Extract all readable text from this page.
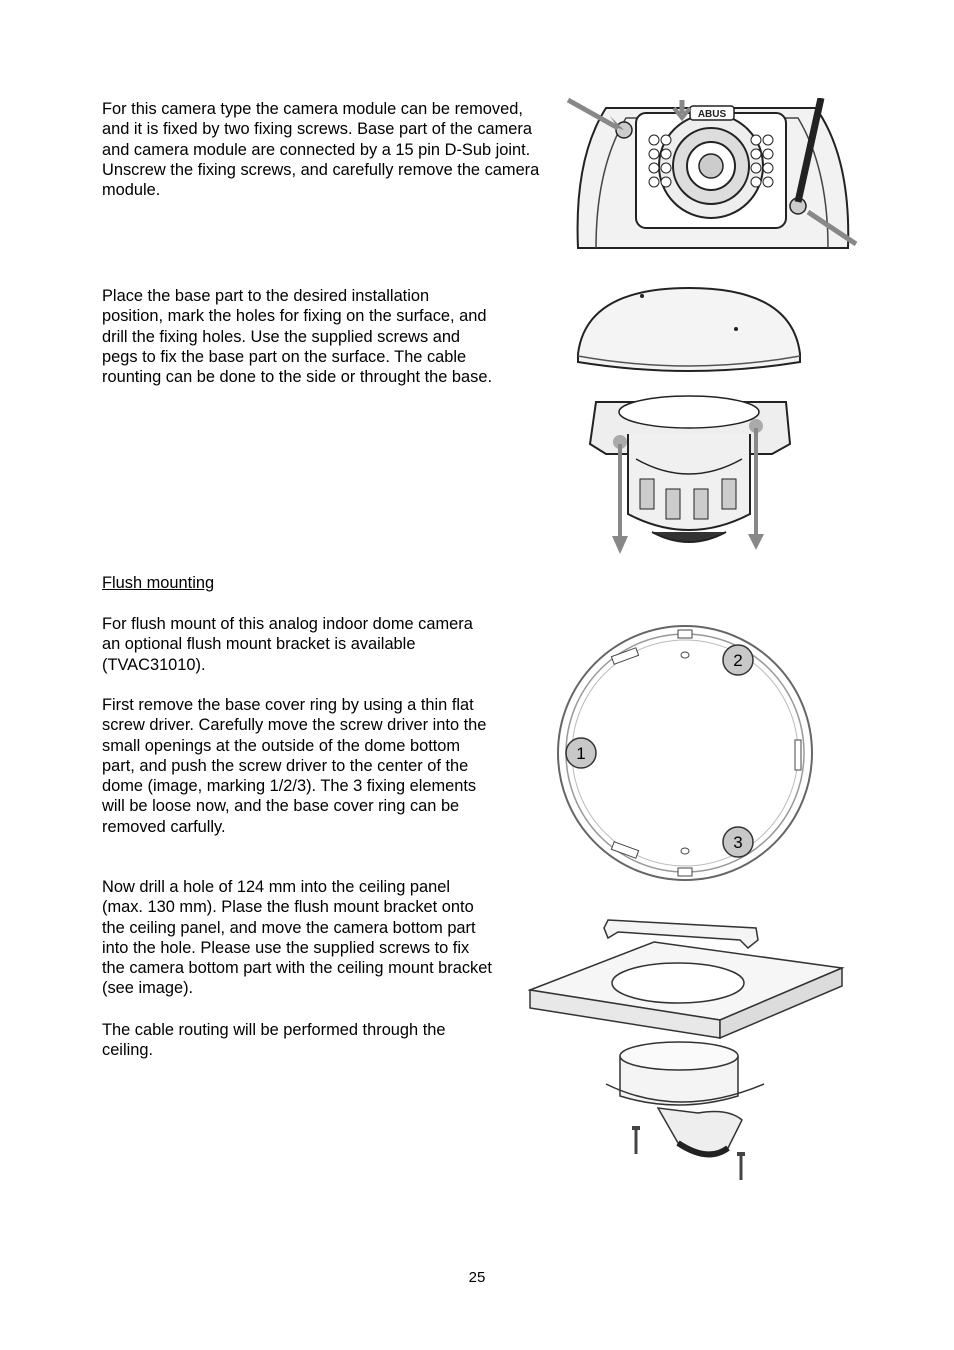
For this camera type the camera module can be removed, and it is fixed by two fixing screws. Base part of the camera and camera module are connected by a 15 pin D-Sub joint. Unscrew the fixing screws, and carefully remove the camera module.

ABUS

Place the base part to the desired installation position, mark the holes for fixing on the surface, and drill the fixing holes. Use the supplied screws and pegs to fix the base part on the surface. The cable rounting can be done to the side or throught the base.

Flush mounting

For flush mount of this analog indoor dome camera an optional flush mount bracket is available (TVAC31010).

First remove the base cover ring by using a thin flat screw driver. Carefully move the screw driver into the small openings at the outside of the dome bottom part, and push the screw driver to the center of the dome (image, marking 1/2/3). The 3 fixing elements will be loose now, and the base cover ring can be removed carfully.

Now drill a hole of 124 mm into the ceiling panel (max. 130 mm). Plase the flush mount bracket onto the ceiling panel, and move the camera bottom part into the hole. Please use the supplied screws to fix the camera bottom part with the ceiling mount bracket (see image).

The cable routing will be performed through the ceiling.

1
2
3
25
